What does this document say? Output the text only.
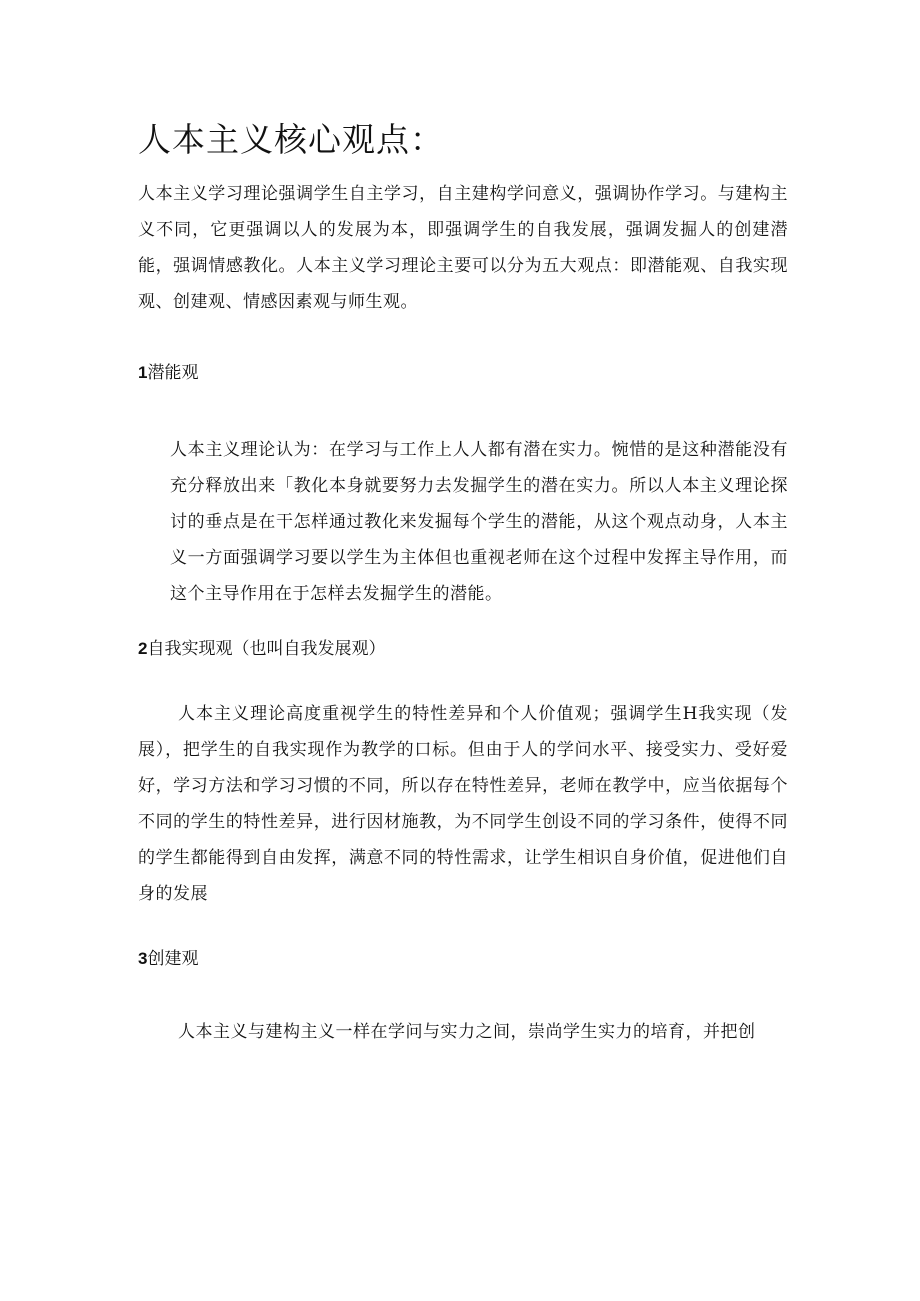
人本主义核心观点：

人本主义学习理论强调学生自主学习，自主建构学问意义，强调协作学习。与建构主义不同，它更强调以人的发展为本，即强调学生的自我发展，强调发掘人的创建潜能，强调情感教化。人本主义学习理论主要可以分为五大观点：即潜能观、自我实现观、创建观、情感因素观与师生观。

1潜能观

人本主义理论认为：在学习与工作上人人都有潜在实力。惋惜的是这种潜能没有充分释放出来「教化本身就要努力去发掘学生的潜在实力。所以人本主义理论探讨的垂点是在干怎样通过教化来发掘每个学生的潜能，从这个观点动身，人本主义一方面强调学习要以学生为主体但也重视老师在这个过程中发挥主导作用，而这个主导作用在于怎样去发掘学生的潜能。

2自我实现观（也叫自我发展观）

人本主义理论高度重视学生的特性差异和个人价值观；强调学生H我实现（发展），把学生的自我实现作为教学的口标。但由于人的学问水平、接受实力、受好爱好，学习方法和学习习惯的不同，所以存在特性差异，老师在教学中，应当依据每个不同的学生的特性差异，进行因材施教，为不同学生创设不同的学习条件，使得不同的学生都能得到自由发挥，满意不同的特性需求，让学生相识自身价值，促进他们自身的发展

3创建观

人本主义与建构主义一样在学问与实力之间，崇尚学生实力的培育，并把创
